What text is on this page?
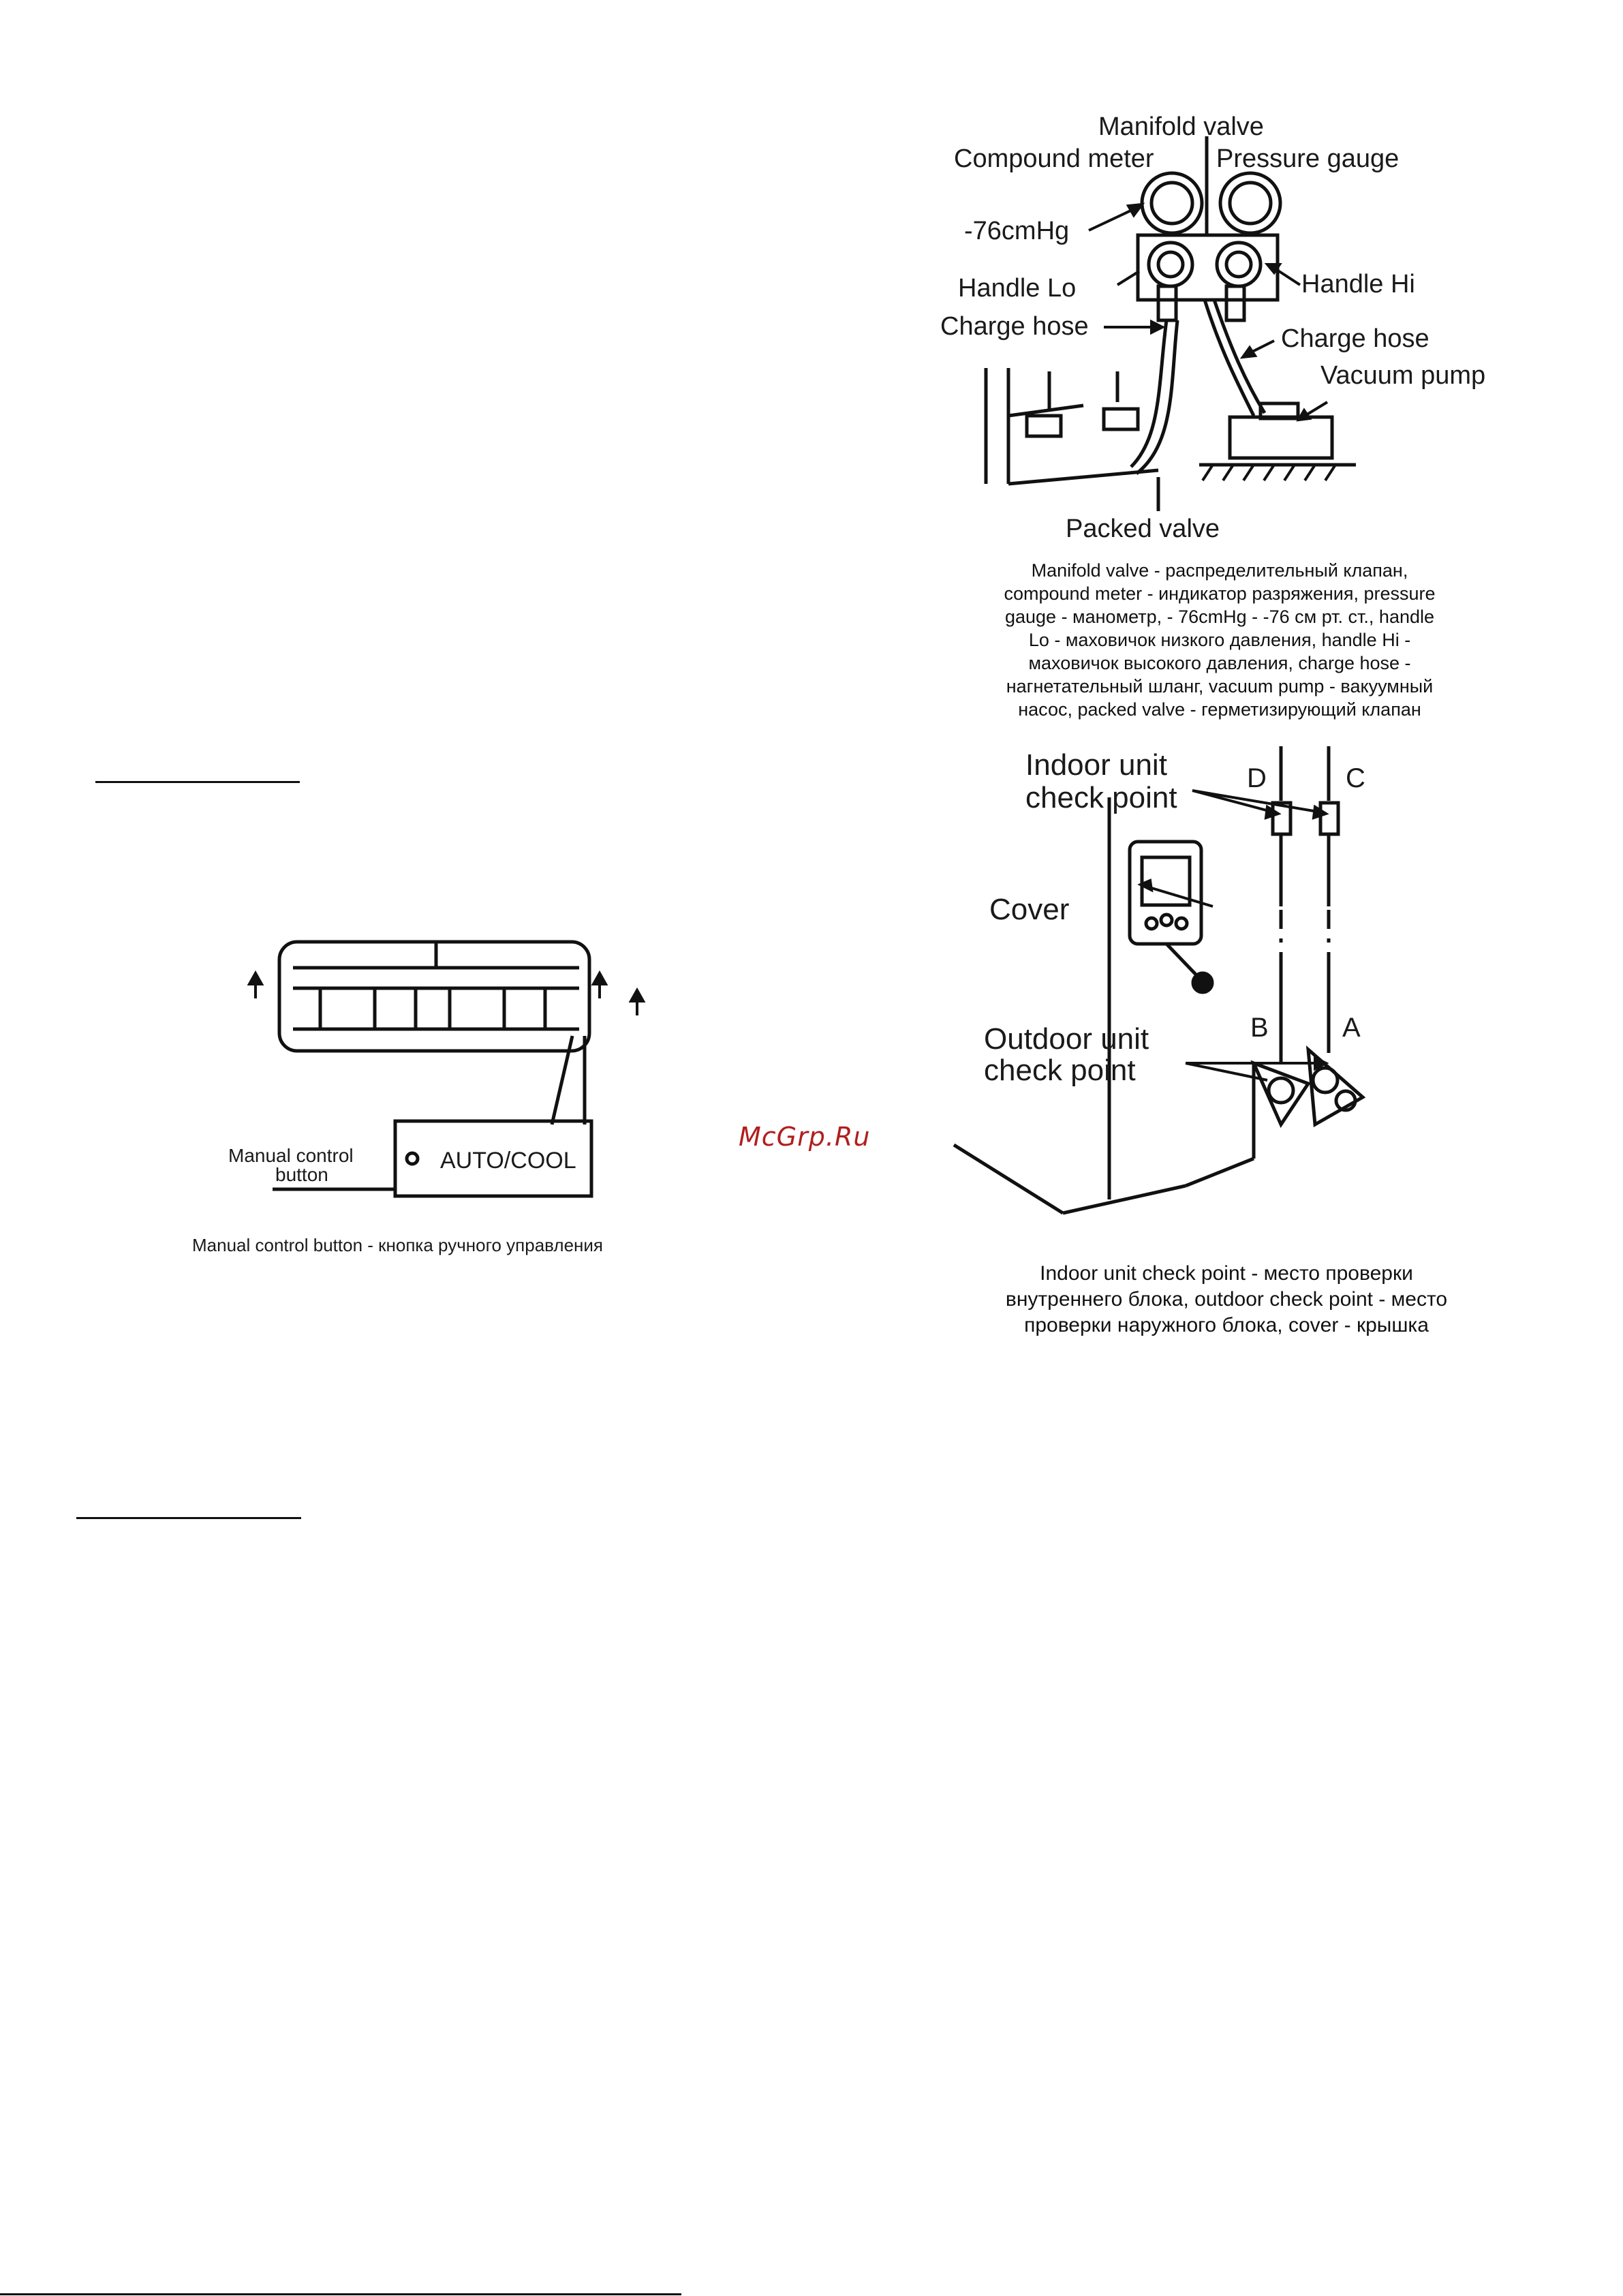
Manifold valve
Compound meter Pressure gauge
-76cmHg
Handle Lo	Handle Hi
Charge hose	Charge hose
Vacuum pump
Packed valve
Manifold valve - распределительный клапан,
compound meter - индикатор разряжения, pressure
gauge - манометр, - 76cmHg - -76 см рт. ст., handle
Lo - маховичок низкого давления, handle Hi -
маховичок высокого давления, charge hose -
нагнетательный шланг, vacuum pump - вакуумный
насос, packed valve - герметизирующий клапан
Indoor unit
check point
D	C
Cover
Outdoor unit
check point
B	A
Indoor unit check point - место проверки
внутреннего блока, outdoor check point - место
проверки наружного блока, cover - крышка
Manual control
button
AUTO/COOL
Manual control button - кнопка ручного управления
McGrp.Ru
